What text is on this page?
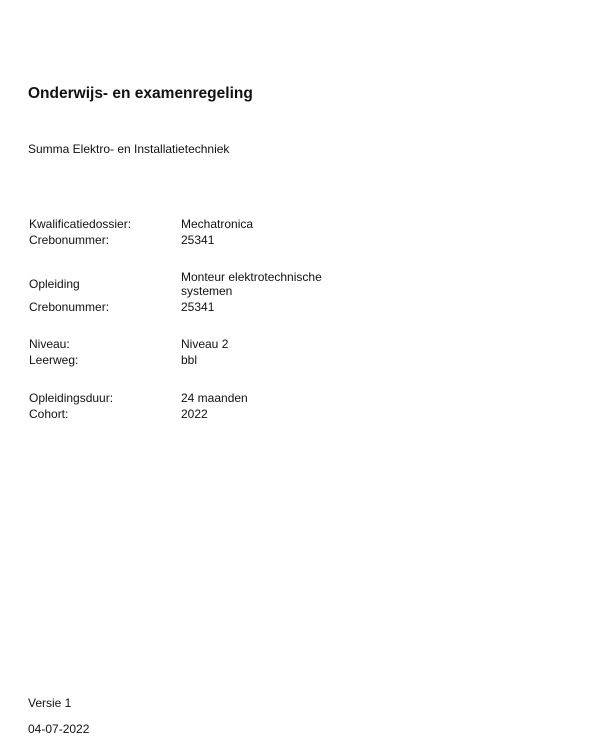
Onderwijs- en examenregeling
Summa Elektro- en Installatietechniek
Kwalificatiedossier:	Mechatronica
Crebonummer:	25341
Opleiding	Monteur elektrotechnische systemen
Crebonummer:	25341
Niveau:	Niveau 2
Leerweg:	bbl
Opleidingsduur:	24 maanden
Cohort:	2022
Versie 1
04-07-2022
